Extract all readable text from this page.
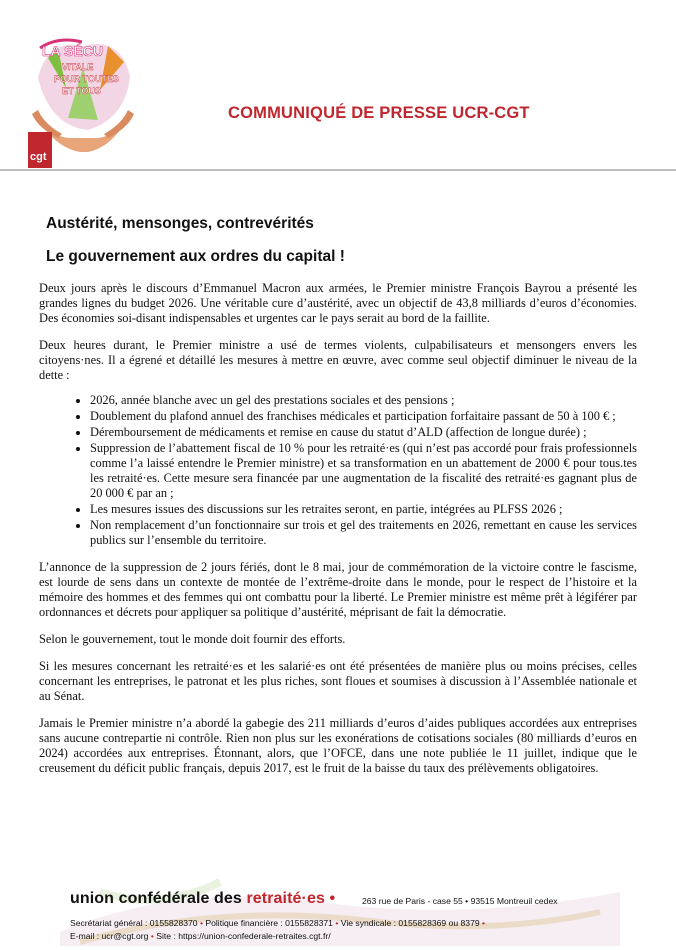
cgt
LA SÉCU
VITALE
POUR TOUTES
ET TOUS
COMMUNIQUÉ DE PRESSE UCR-CGT
Austérité, mensonges, contrevérités
Le gouvernement aux ordres du capital !

Deux jours après le discours d’Emmanuel Macron aux armées, le Premier ministre François Bayrou a présenté les grandes lignes du budget 2026. Une véritable cure d’austérité, avec un objectif de 43,8 milliards d’euros d’économies. Des économies soi-disant indispensables et urgentes car le pays serait au bord de la faillite.

Deux heures durant, le Premier ministre a usé de termes violents, culpabilisateurs et mensongers envers les citoyens·nes. Il a égrené et détaillé les mesures à mettre en œuvre, avec comme seul objectif diminuer le niveau de la dette :

• 2026, année blanche avec un gel des prestations sociales et des pensions ;
• Doublement du plafond annuel des franchises médicales et participation forfaitaire passant de 50 à 100 € ;
• Déremboursement de médicaments et remise en cause du statut d’ALD (affection de longue durée) ;
• Suppression de l’abattement fiscal de 10 % pour les retraité·es (qui n’est pas accordé pour frais professionnels comme l’a laissé entendre le Premier ministre) et sa transformation en un abattement de 2000 € pour tous.tes les retraité·es. Cette mesure sera financée par une augmentation de la fiscalité des retraité·es gagnant plus de 20 000 € par an ;
• Les mesures issues des discussions sur les retraites seront, en partie, intégrées au PLFSS 2026 ;
• Non remplacement d’un fonctionnaire sur trois et gel des traitements en 2026, remettant en cause les services publics sur l’ensemble du territoire.

L’annonce de la suppression de 2 jours fériés, dont le 8 mai, jour de commémoration de la victoire contre le fascisme, est lourde de sens dans un contexte de montée de l’extrême-droite dans le monde, pour le respect de l’histoire et la mémoire des hommes et des femmes qui ont combattu pour la liberté. Le Premier ministre est même prêt à légiférer par ordonnances et décrets pour appliquer sa politique d’austérité, méprisant de fait la démocratie.

Selon le gouvernement, tout le monde doit fournir des efforts.

Si les mesures concernant les retraité·es et les salarié·es ont été présentées de manière plus ou moins précises, celles concernant les entreprises, le patronat et les plus riches, sont floues et soumises à discussion à l’Assemblée nationale et au Sénat.

Jamais le Premier ministre n’a abordé la gabegie des 211 milliards d’euros d’aides publiques accordées aux entreprises sans aucune contrepartie ni contrôle. Rien non plus sur les exonérations de cotisations sociales (80 milliards d’euros en 2024) accordées aux entreprises. Étonnant, alors, que l’OFCE, dans une note publiée le 11 juillet, indique que le creusement du déficit public français, depuis 2017, est le fruit de la baisse du taux des prélèvements obligatoires.

union confédérale des retraité·es •	263 rue de Paris - case 55 • 93515 Montreuil cedex
Secrétariat général : 0155828370 • Politique financière : 0155828371 • Vie syndicale : 0155828369 ou 8379 •
E-mail : ucr@cgt.org • Site : https://union-confederale-retraites.cgt.fr/
